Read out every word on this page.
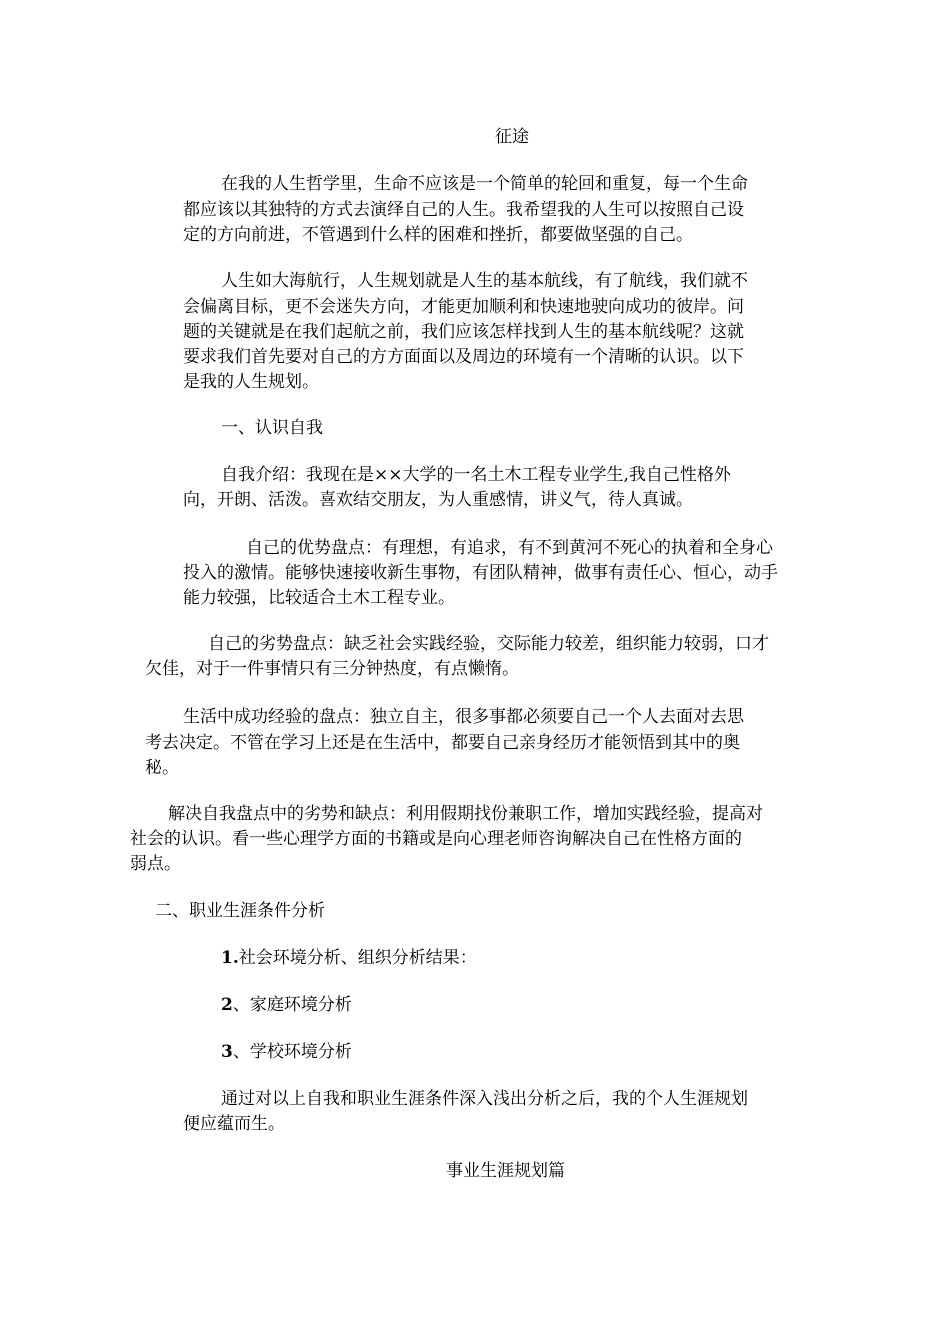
征途
在我的人生哲学里，生命不应该是一个简单的轮回和重复，每一个生命
都应该以其独特的方式去演绎自己的人生。我希望我的人生可以按照自己设
定的方向前进，不管遇到什么样的困难和挫折，都要做坚强的自己。
人生如大海航行，人生规划就是人生的基本航线，有了航线，我们就不
会偏离目标，更不会迷失方向，才能更加顺利和快速地驶向成功的彼岸。问
题的关键就是在我们起航之前，我们应该怎样找到人生的基本航线呢？这就
要求我们首先要对自己的方方面面以及周边的环境有一个清晰的认识。以下
是我的人生规划。
一、认识自我
自我介绍：我现在是××大学的一名土木工程专业学生,我自己性格外
向，开朗、活泼。喜欢结交朋友，为人重感情，讲义气，待人真诚。
自己的优势盘点：有理想，有追求，有不到黄河不死心的执着和全身心
投入的激情。能够快速接收新生事物，有团队精神，做事有责任心、恒心，动手
能力较强，比较适合土木工程专业。
自己的劣势盘点：缺乏社会实践经验，交际能力较差，组织能力较弱，口才
欠佳，对于一件事情只有三分钟热度，有点懒惰。
生活中成功经验的盘点：独立自主，很多事都必须要自己一个人去面对去思
考去决定。不管在学习上还是在生活中，都要自己亲身经历才能领悟到其中的奥
秘。
解决自我盘点中的劣势和缺点：利用假期找份兼职工作，增加实践经验，提高对
社会的认识。看一些心理学方面的书籍或是向心理老师咨询解决自己在性格方面的
弱点。
二、职业生涯条件分析
1.社会环境分析、组织分析结果：
2、家庭环境分析
3、学校环境分析
通过对以上自我和职业生涯条件深入浅出分析之后，我的个人生涯规划
便应蕴而生。
事业生涯规划篇
